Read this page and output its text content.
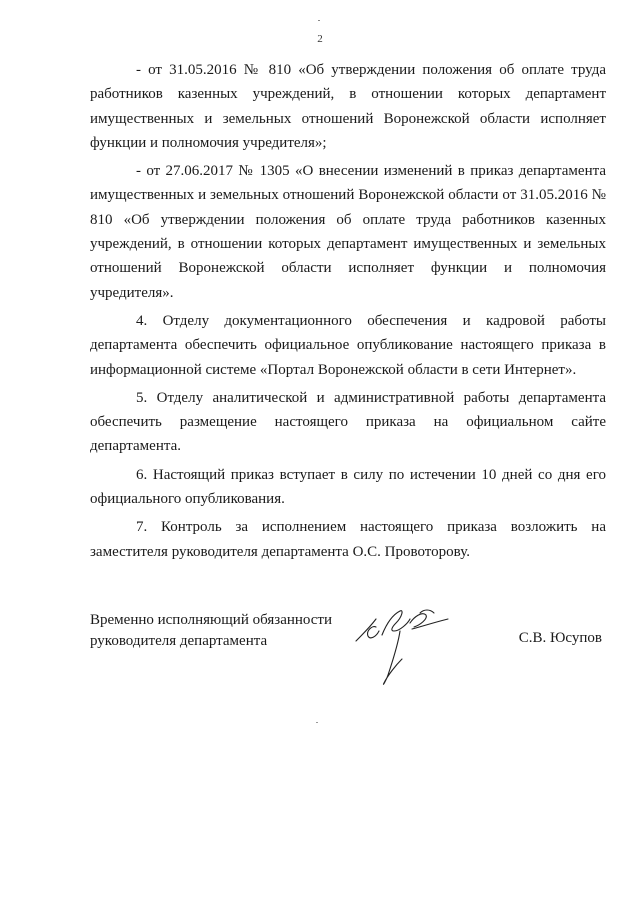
2

- от 31.05.2016 № 810 «Об утверждении положения об оплате труда работников казенных учреждений, в отношении которых департамент имущественных и земельных отношений Воронежской области исполняет функции и полномочия учредителя»;

- от 27.06.2017 № 1305 «О внесении изменений в приказ департамента имущественных и земельных отношений Воронежской области от 31.05.2016 № 810 «Об утверждении положения об оплате труда работников казенных учреждений, в отношении которых департамент имущественных и земельных отношений Воронежской области исполняет функции и полномочия учредителя».

4. Отделу документационного обеспечения и кадровой работы департамента обеспечить официальное опубликование настоящего приказа в информационной системе «Портал Воронежской области в сети Интернет».

5. Отделу аналитической и административной работы департамента обеспечить размещение настоящего приказа на официальном сайте департамента.

6. Настоящий приказ вступает в силу по истечении 10 дней со дня его официального опубликования.

7. Контроль за исполнением настоящего приказа возложить на заместителя руководителя департамента О.С. Провоторову.

Временно исполняющий обязанности
руководителя департамента	С.В. Юсупов
